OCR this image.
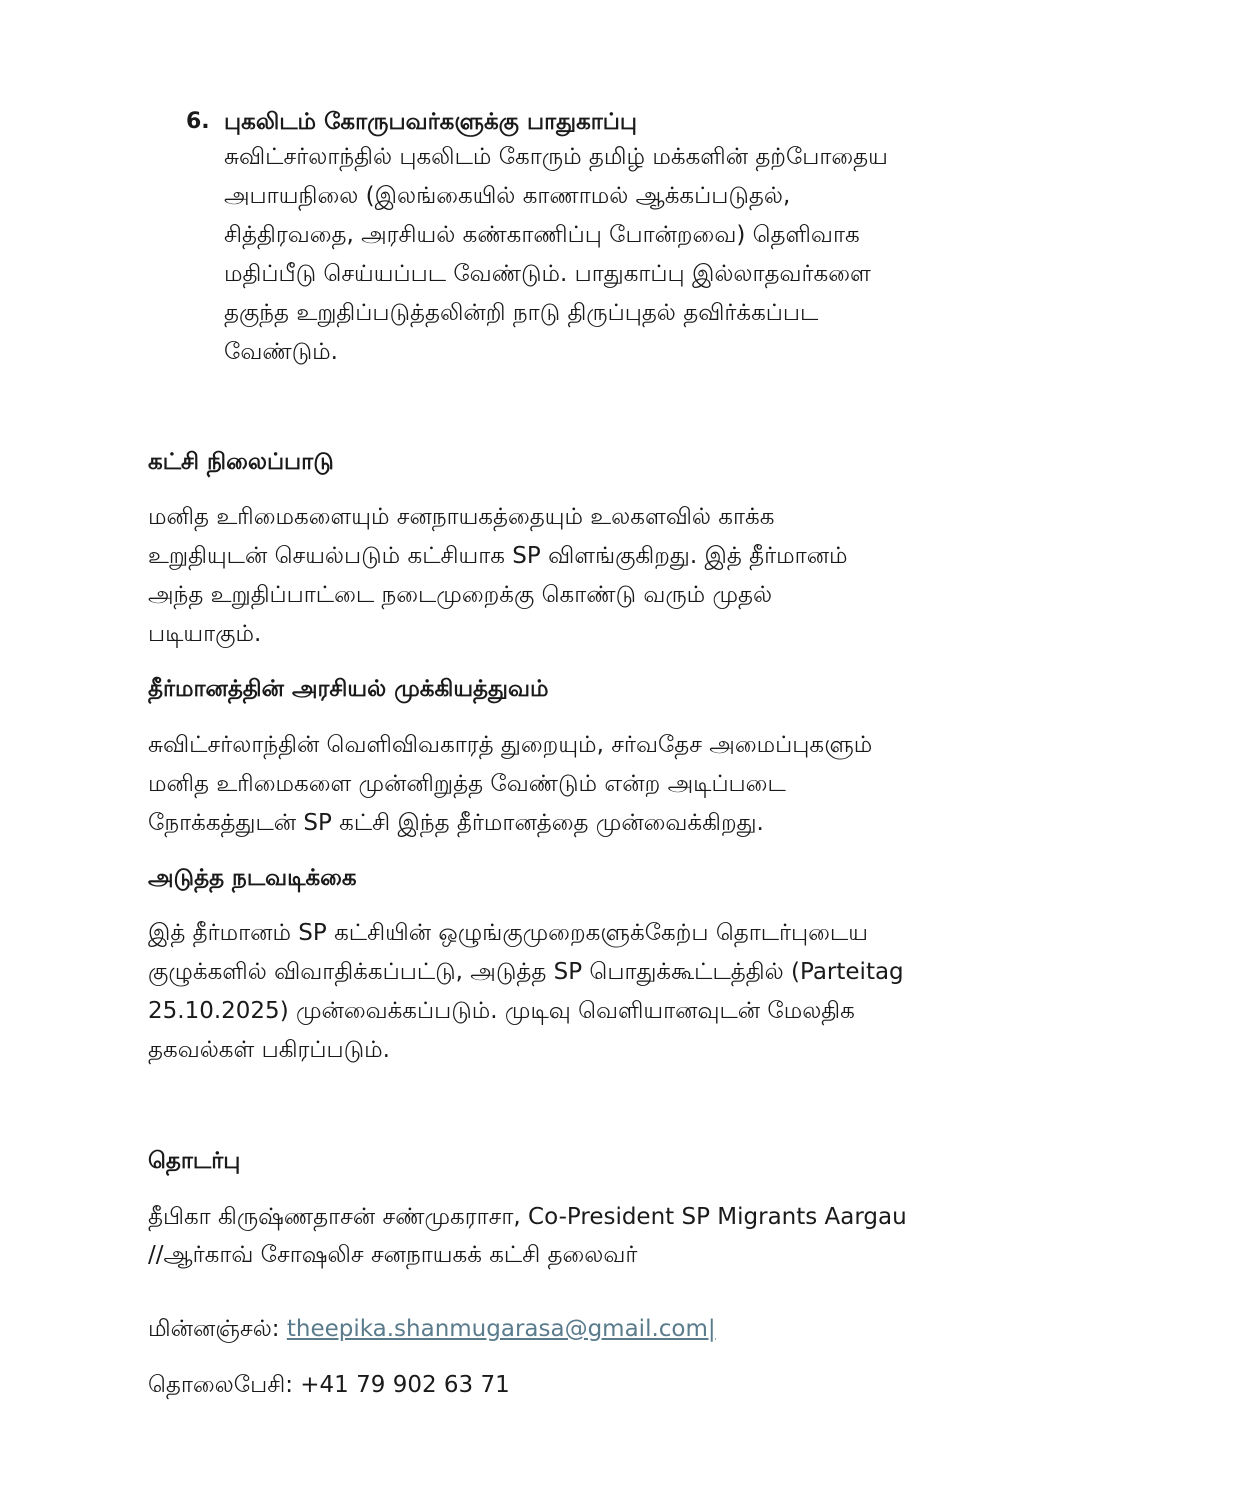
6. புகலிடம் கோருபவர்களுக்கு பாதுகாப்பு
சுவிட்சர்லாந்தில் புகலிடம் கோரும் தமிழ் மக்களின் தற்போதைய
அபாயநிலை (இலங்கையில் காணாமல் ஆக்கப்படுதல்,
சித்திரவதை, அரசியல் கண்காணிப்பு போன்றவை) தெளிவாக
மதிப்பீடு செய்யப்பட வேண்டும். பாதுகாப்பு இல்லாதவர்களை
தகுந்த உறுதிப்படுத்தலின்றி நாடு திருப்புதல் தவிர்க்கப்பட
வேண்டும்.
கட்சி நிலைப்பாடு
மனித உரிமைகளையும் சனநாயகத்தையும் உலகளவில் காக்க
உறுதியுடன் செயல்படும் கட்சியாக SP விளங்குகிறது. இத் தீர்மானம்
அந்த உறுதிப்பாட்டை நடைமுறைக்கு கொண்டு வரும் முதல்
படியாகும்.
தீர்மானத்தின் அரசியல் முக்கியத்துவம்
சுவிட்சர்லாந்தின் வெளிவிவகாரத் துறையும், சர்வதேச அமைப்புகளும்
மனித உரிமைகளை முன்னிறுத்த வேண்டும் என்ற அடிப்படை
நோக்கத்துடன் SP கட்சி இந்த தீர்மானத்தை முன்வைக்கிறது.
அடுத்த நடவடிக்கை
இத் தீர்மானம் SP கட்சியின் ஒழுங்குமுறைகளுக்கேற்ப தொடர்புடைய
குழுக்களில் விவாதிக்கப்பட்டு, அடுத்த SP பொதுக்கூட்டத்தில் (Parteitag
25.10.2025) முன்வைக்கப்படும். முடிவு வெளியானவுடன் மேலதிக
தகவல்கள் பகிரப்படும்.
தொடர்பு
தீபிகா கிருஷ்ணதாசன் சண்முகராசா, Co-President SP Migrants Aargau
//ஆர்காவ் சோஷலிச சனநாயகக் கட்சி தலைவர்
மின்னஞ்சல்: theepika.shanmugarasa@gmail.com|
தொலைபேசி: +41 79 902 63 71
